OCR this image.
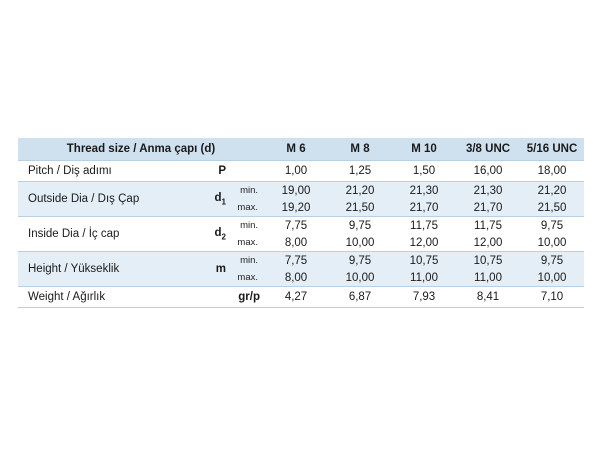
Thread size / Anma çapı (d)			M 6	M 8	M 10	3/8 UNC	5/16 UNC
Pitch / Diş adımı	P		1,00	1,25	1,50	16,00	18,00
Outside Dia / Dış Çap	$d_1$	min.	19,00	21,20	21,30	21,30	21,20
		max.	19,20	21,50	21,70	21,70	21,50
Inside Dia / İç cap	$d_2$	min.	7,75	9,75	11,75	11,75	9,75
		max.	8,00	10,00	12,00	12,00	10,00
Height / Yükseklik	m	min.	7,75	9,75	10,75	10,75	9,75
		max.	8,00	10,00	11,00	11,00	10,00
Weight / Ağırlık	gr/p		4,27	6,87	7,93	8,41	7,10
